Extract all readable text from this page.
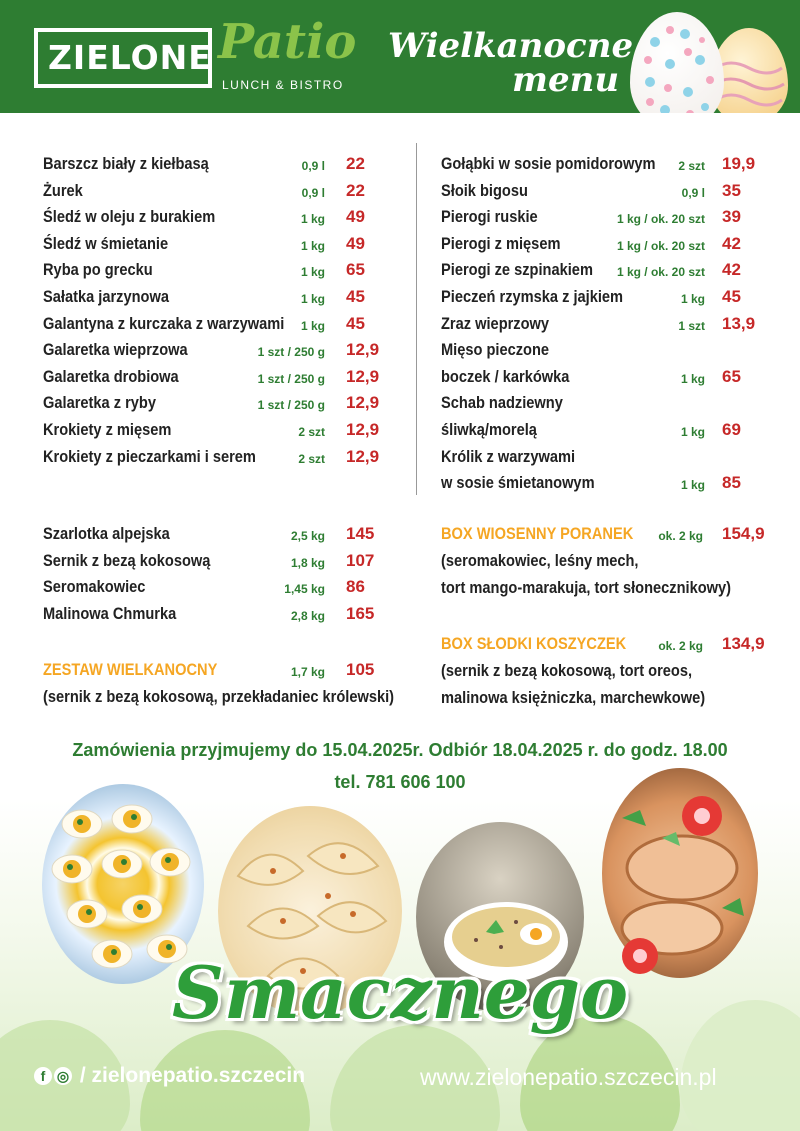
ZIELONE Patio
LUNCH & BISTRO
Wielkanocne
menu
Barszcz biały z kiełbasą	0,9 l 22
Żurek	0,9 l 22
Śledź w oleju z burakiem	1 kg 49
Śledź w śmietanie	1 kg 49
Ryba po grecku	1 kg 65
Sałatka jarzynowa	1 kg 45
Galantyna z kurczaka z warzywami	1 kg 45
Galaretka wieprzowa	1 szt / 250 g 12,9
Galaretka drobiowa	1 szt / 250 g 12,9
Galaretka z ryby	1 szt / 250 g 12,9
Krokiety z mięsem	2 szt 12,9
Krokiety z pieczarkami i serem	2 szt 12,9
Gołąbki w sosie pomidorowym	2 szt 19,9
Słoik bigosu	0,9 l 35
Pierogi ruskie	1 kg / ok. 20 szt 39
Pierogi z mięsem	1 kg / ok. 20 szt 42
Pierogi ze szpinakiem	1 kg / ok. 20 szt 42
Pieczeń rzymska z jajkiem	1 kg 45
Zraz wieprzowy	1 szt 13,9
Mięso pieczone
boczek / karkówka	1 kg 65
Schab nadziewny
śliwką/morelą	1 kg 69
Królik z warzywami
w sosie śmietanowym	1 kg 85
Szarlotka alpejska	2,5 kg 145
Sernik z bezą kokosową	1,8 kg 107
Seromakowiec	1,45 kg 86
Malinowa Chmurka	2,8 kg 165
ZESTAW WIELKANOCNY	1,7 kg 105
(sernik z bezą kokosową, przekładaniec królewski)
BOX WIOSENNY PORANEK	ok. 2 kg 154,9
(seromakowiec, leśny mech,
tort mango-marakuja, tort słonecznikowy)
BOX SŁODKI KOSZYCZEK	ok. 2 kg 134,9
(sernik z bezą kokosową, tort oreos,
malinowa księżniczka, marchewkowe)
Zamówienia przyjmujemy do 15.04.2025r. Odbiór 18.04.2025 r. do godz. 18.00
tel. 781 606 100
Smacznego
f ◎ / zielonepatio.szczecin	www.zielonepatio.szczecin.pl
